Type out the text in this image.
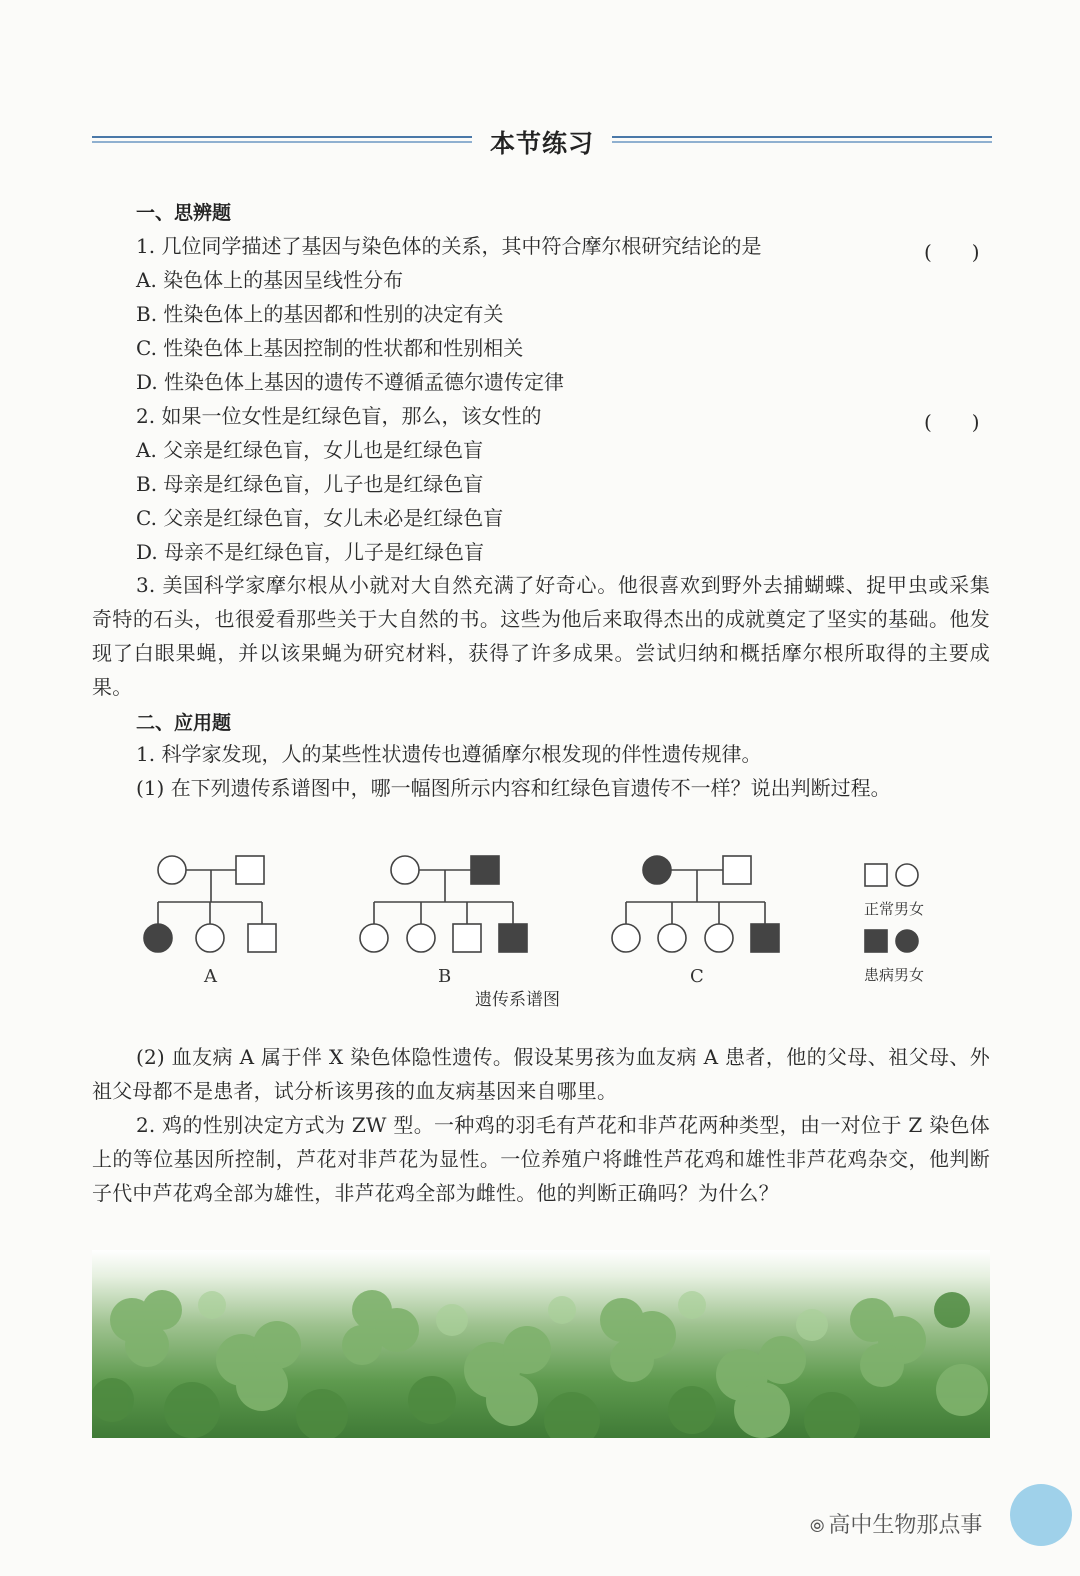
本节练习
一、思辨题
1. 几位同学描述了基因与染色体的关系，其中符合摩尔根研究结论的是	(　　)
A. 染色体上的基因呈线性分布
B. 性染色体上的基因都和性别的决定有关
C. 性染色体上基因控制的性状都和性别相关
D. 性染色体上基因的遗传不遵循孟德尔遗传定律
2. 如果一位女性是红绿色盲，那么，该女性的	(　　)
A. 父亲是红绿色盲，女儿也是红绿色盲
B. 母亲是红绿色盲，儿子也是红绿色盲
C. 父亲是红绿色盲，女儿未必是红绿色盲
D. 母亲不是红绿色盲，儿子是红绿色盲
3. 美国科学家摩尔根从小就对大自然充满了好奇心。他很喜欢到野外去捕蝴蝶、捉甲虫或采集奇特的石头，也很爱看那些关于大自然的书。这些为他后来取得杰出的成就奠定了坚实的基础。他发现了白眼果蝇，并以该果蝇为研究材料，获得了许多成果。尝试归纳和概括摩尔根所取得的主要成果。
二、应用题
1. 科学家发现，人的某些性状遗传也遵循摩尔根发现的伴性遗传规律。
(1) 在下列遗传系谱图中，哪一幅图所示内容和红绿色盲遗传不一样？说出判断过程。
A	B	C
正常男女
患病男女
遗传系谱图
(2) 血友病 A 属于伴 X 染色体隐性遗传。假设某男孩为血友病 A 患者，他的父母、祖父母、外祖父母都不是患者，试分析该男孩的血友病基因来自哪里。
2. 鸡的性别决定方式为 ZW 型。一种鸡的羽毛有芦花和非芦花两种类型，由一对位于 Z 染色体上的等位基因所控制，芦花对非芦花为显性。一位养殖户将雌性芦花鸡和雄性非芦花鸡杂交，他判断子代中芦花鸡全部为雄性，非芦花鸡全部为雌性。他的判断正确吗？为什么？
⦾ 高中生物那点事
